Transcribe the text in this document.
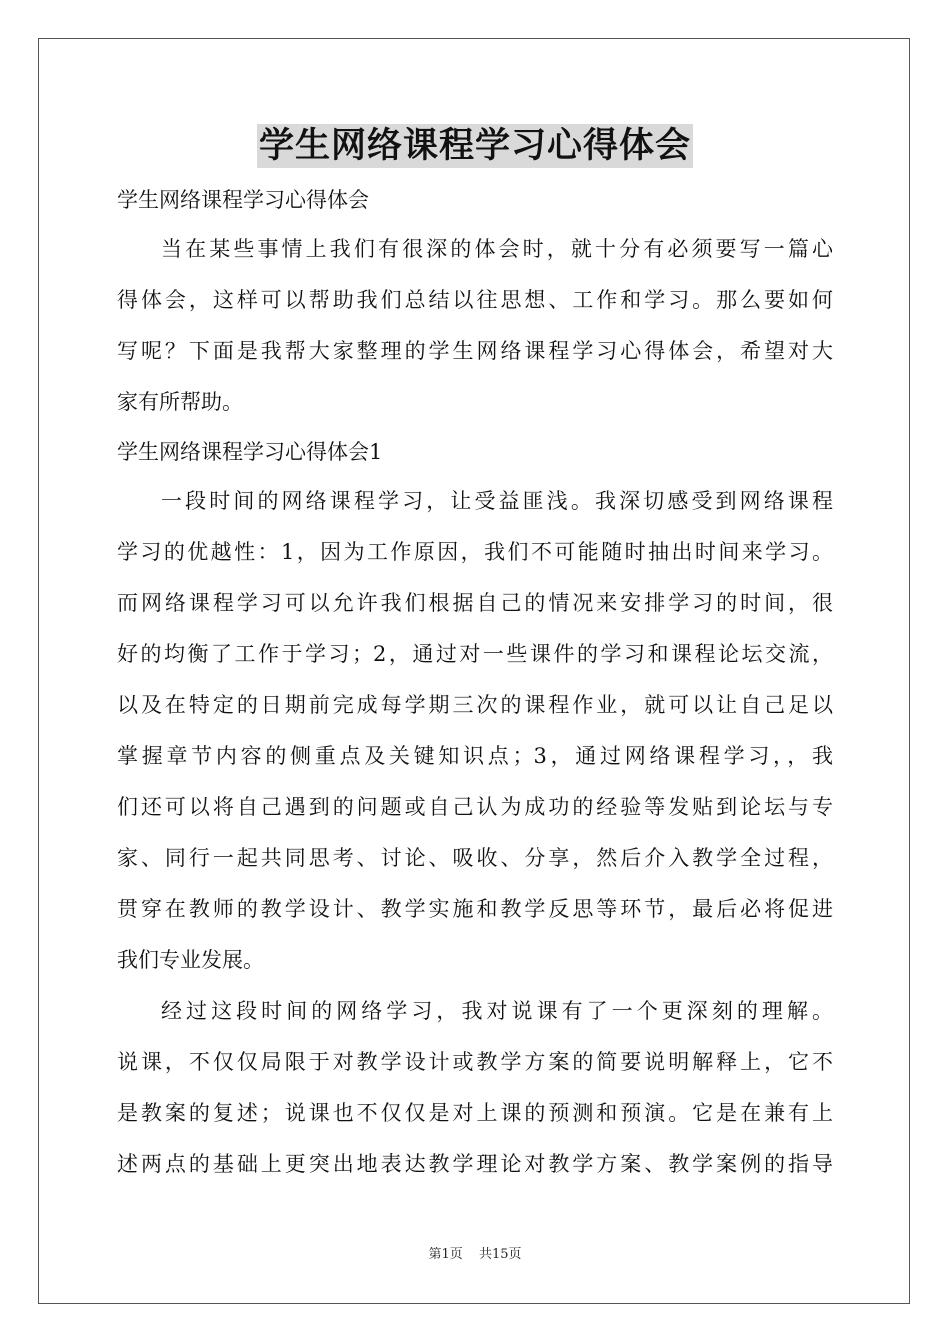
学生网络课程学习心得体会
学生网络课程学习心得体会
当在某些事情上我们有很深的体会时，就十分有必须要写一篇心
得体会，这样可以帮助我们总结以往思想、工作和学习。那么要如何
写呢？下面是我帮大家整理的学生网络课程学习心得体会，希望对大
家有所帮助。
学生网络课程学习心得体会1
一段时间的网络课程学习，让受益匪浅。我深切感受到网络课程
学习的优越性：1，因为工作原因，我们不可能随时抽出时间来学习。
而网络课程学习可以允许我们根据自己的情况来安排学习的时间，很
好的均衡了工作于学习；2，通过对一些课件的学习和课程论坛交流，
以及在特定的日期前完成每学期三次的课程作业，就可以让自己足以
掌握章节内容的侧重点及关键知识点；3，通过网络课程学习，，我
们还可以将自己遇到的问题或自己认为成功的经验等发贴到论坛与专
家、同行一起共同思考、讨论、吸收、分享，然后介入教学全过程，
贯穿在教师的教学设计、教学实施和教学反思等环节，最后必将促进
我们专业发展。
经过这段时间的网络学习，我对说课有了一个更深刻的理解。
说课，不仅仅局限于对教学设计或教学方案的简要说明解释上，它不
是教案的复述；说课也不仅仅是对上课的预测和预演。它是在兼有上
述两点的基础上更突出地表达教学理论对教学方案、教学案例的指导
第1页 共15页
